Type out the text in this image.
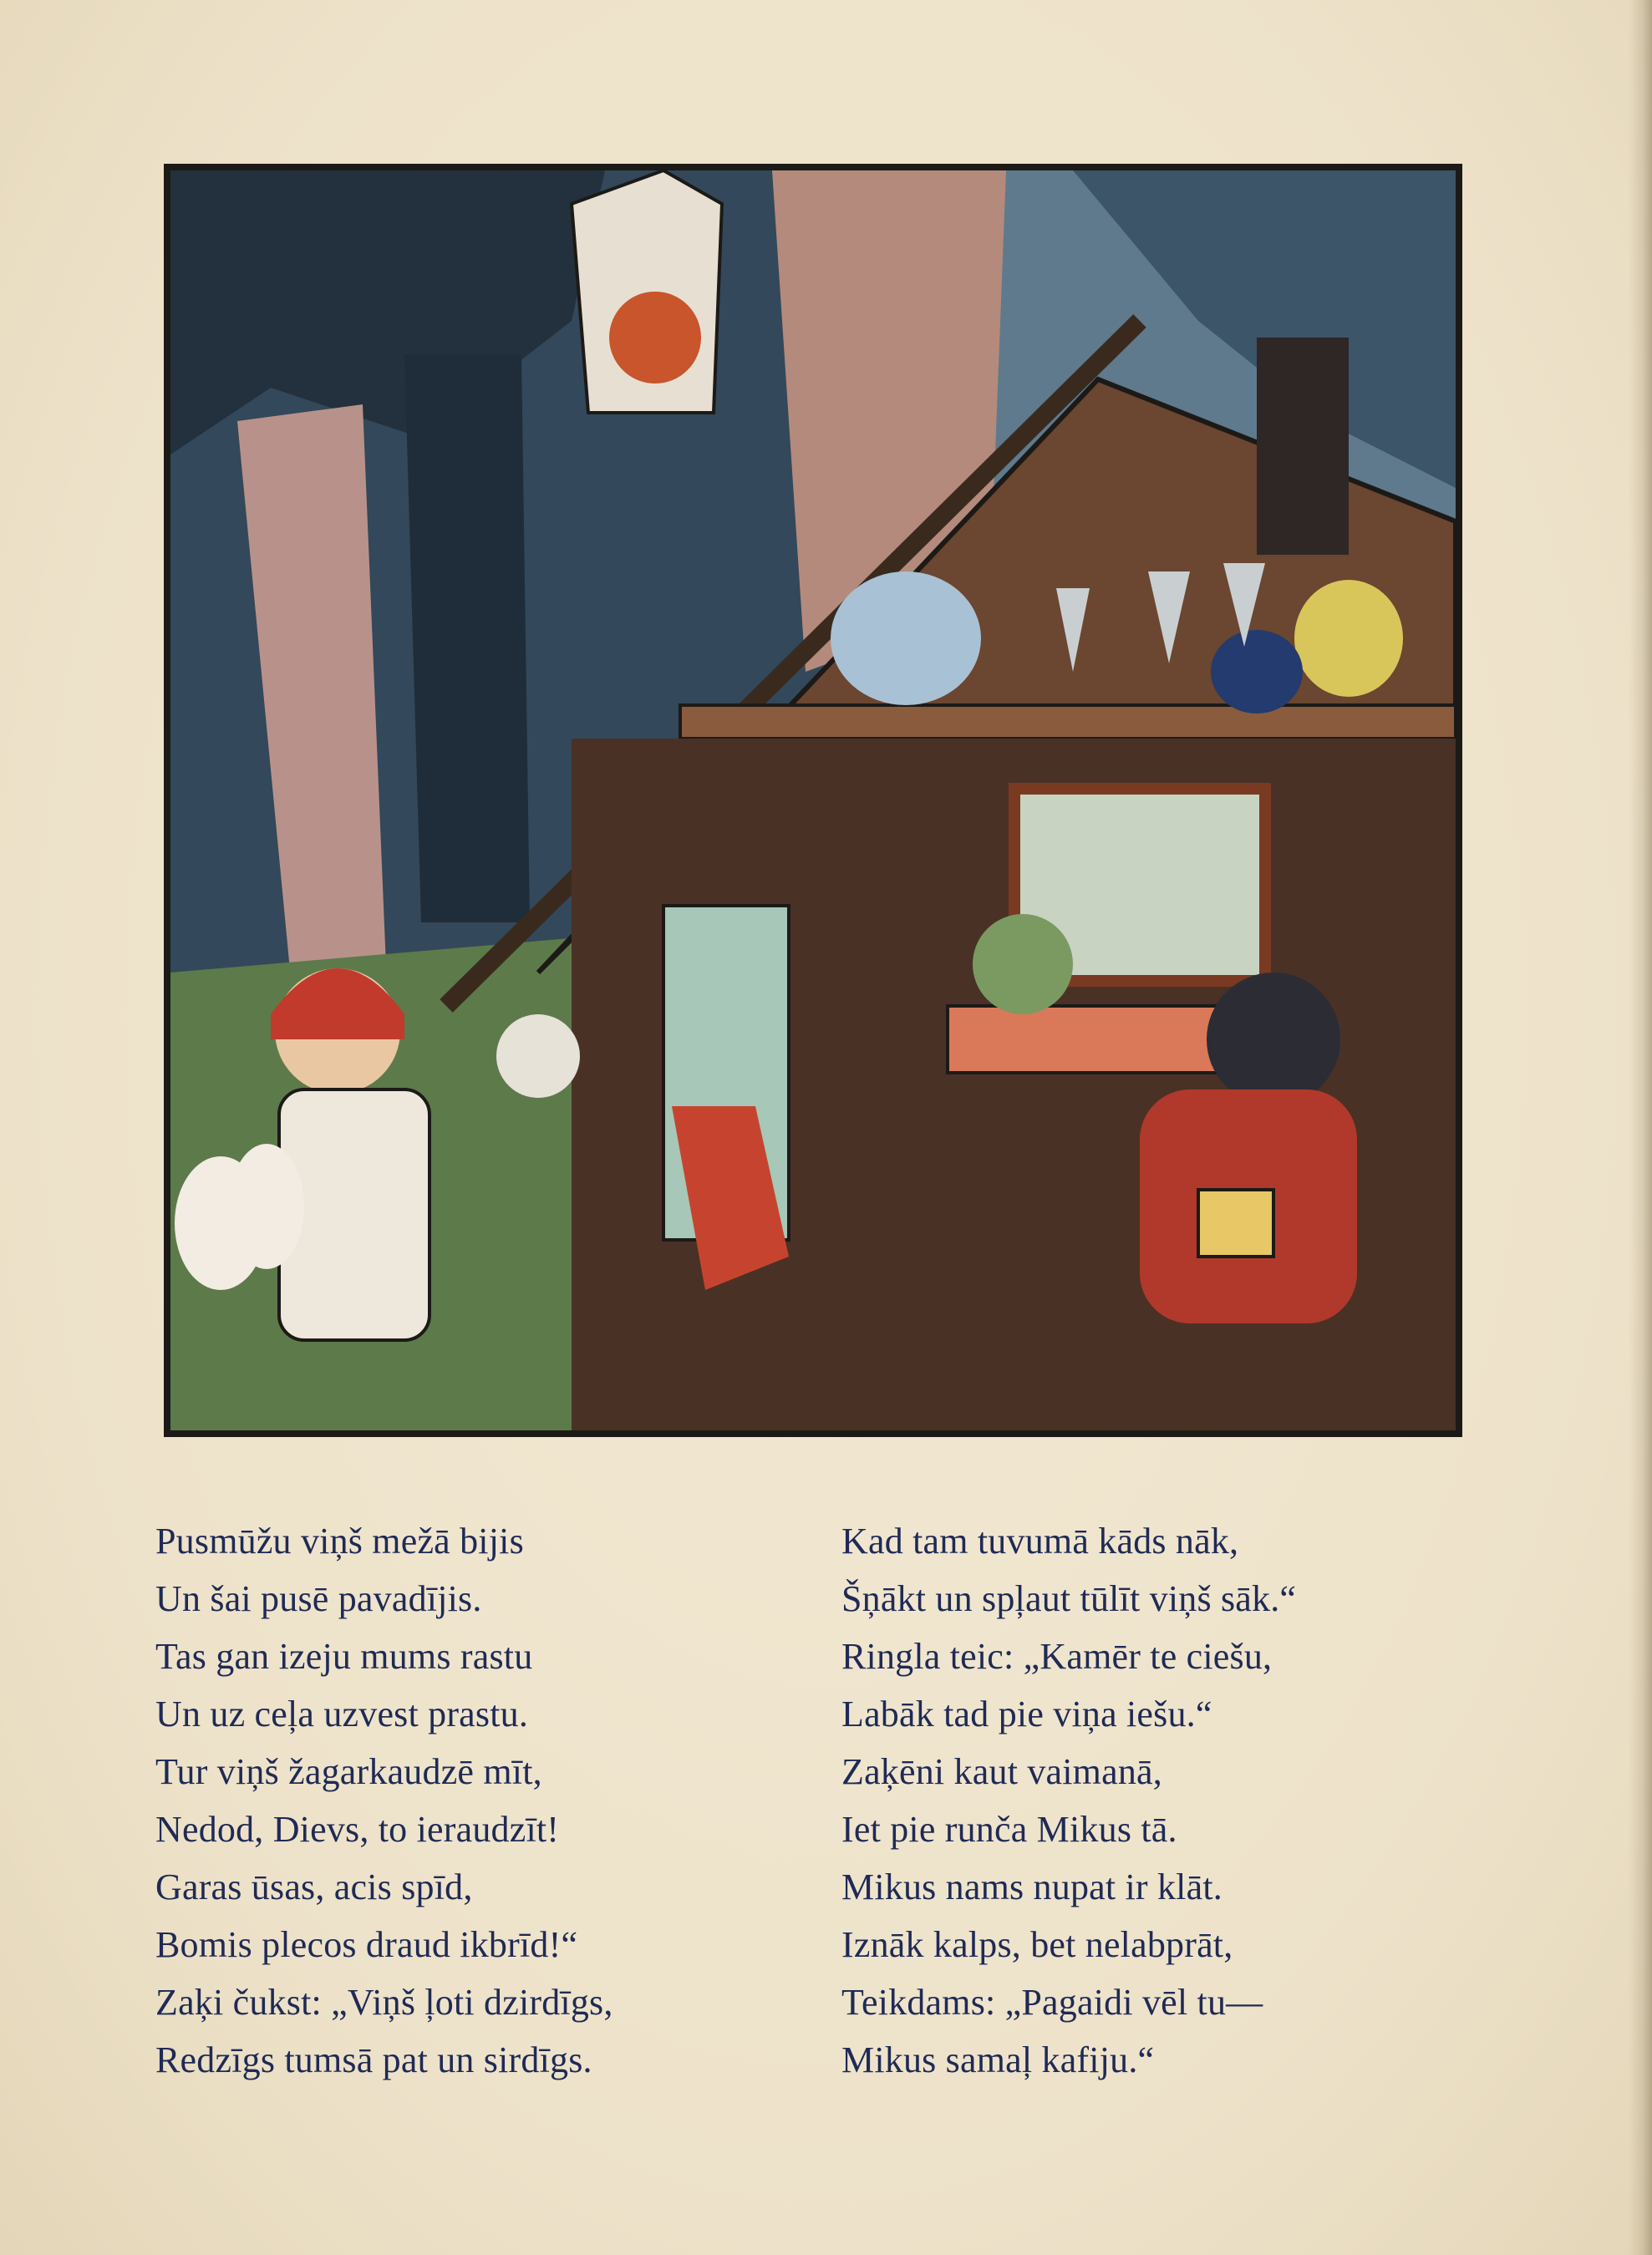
Pusmūžu viņš mežā bijis
Un šai pusē pavadījis.
Tas gan izeju mums rastu
Un uz ceļa uzvest prastu.
Tur viņš žagarkaudzē mīt,
Nedod, Dievs, to ieraudzīt!
Garas ūsas, acis spīd,
Bomis plecos draud ikbrīd!“
Zaķi čukst: „Viņš ļoti dzirdīgs,
Redzīgs tumsā pat un sirdīgs.
Kad tam tuvumā kāds nāk,
Šņākt un spļaut tūlīt viņš sāk.“
Ringla teic: „Kamēr te ciešu,
Labāk tad pie viņa iešu.“
Zaķēni kaut vaimanā,
Iet pie runča Mikus tā.
Mikus nams nupat ir klāt.
Iznāk kalps, bet nelabprāt,
Teikdams: „Pagaidi vēl tu—
Mikus samaļ kafiju.“
